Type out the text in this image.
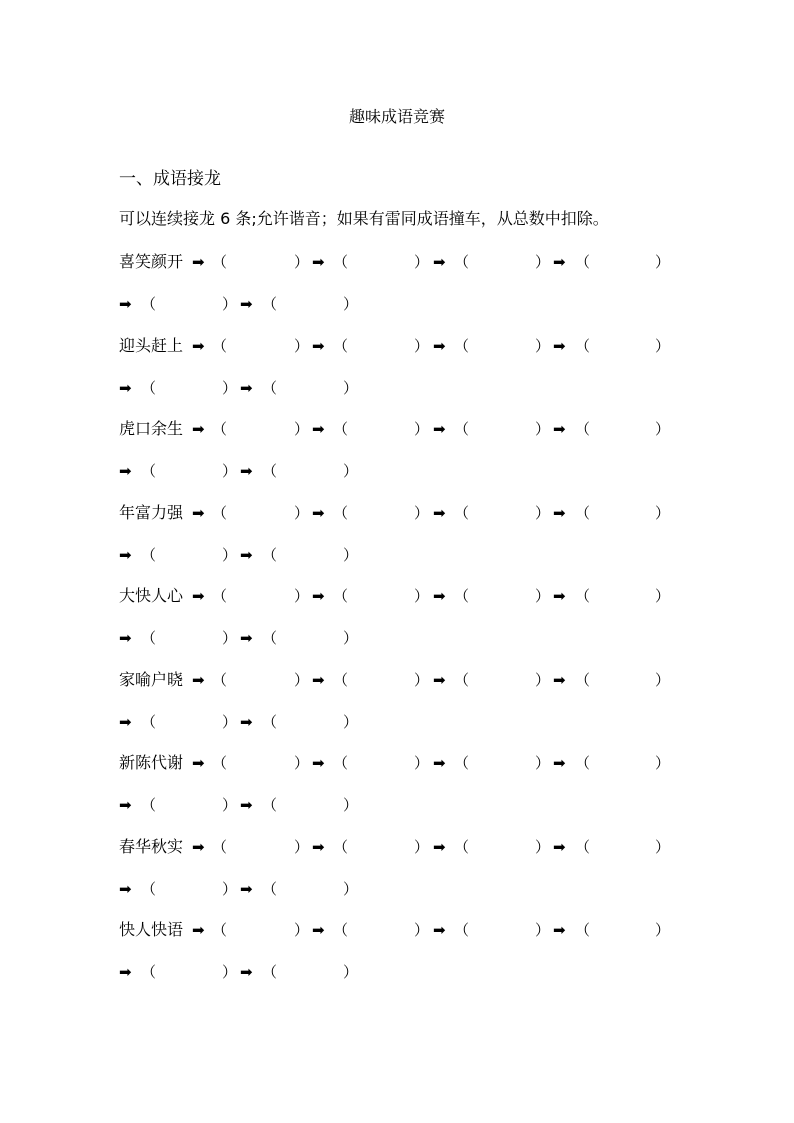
趣味成语竞赛
一、成语接龙
可以连续接龙 6 条;允许谐音；如果有雷同成语撞车，从总数中扣除。
喜笑颜开 ➡ （	） ➡ （	） ➡ （	） ➡ （	）
➡ （	） ➡ （	）
迎头赶上 ➡ （	） ➡ （	） ➡ （	） ➡ （	）
➡ （	） ➡ （	）
虎口余生 ➡ （	） ➡ （	） ➡ （	） ➡ （	）
➡ （	） ➡ （	）
年富力强 ➡ （	） ➡ （	） ➡ （	） ➡ （	）
➡ （	） ➡ （	）
大快人心 ➡ （	） ➡ （	） ➡ （	） ➡ （	）
➡ （	） ➡ （	）
家喻户晓 ➡ （	） ➡ （	） ➡ （	） ➡ （	）
➡ （	） ➡ （	）
新陈代谢 ➡ （	） ➡ （	） ➡ （	） ➡ （	）
➡ （	） ➡ （	）
春华秋实 ➡ （	） ➡ （	） ➡ （	） ➡ （	）
➡ （	） ➡ （	）
快人快语 ➡ （	） ➡ （	） ➡ （	） ➡ （	）
➡ （	） ➡ （	）
